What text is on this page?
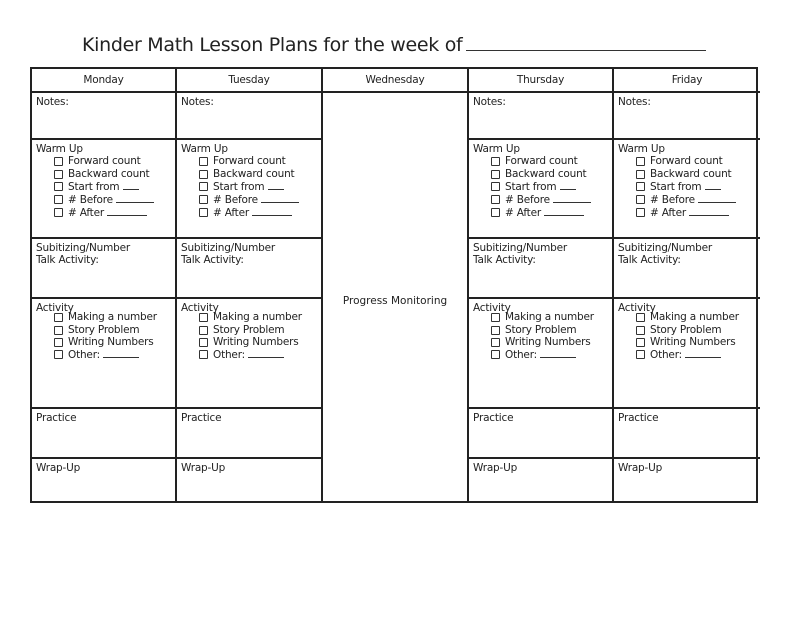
Kinder Math Lesson Plans for the week of
Monday
Notes:
Warm Up
Forward count
Backward count
Start from
# Before
# After
Subitizing/Number Talk Activity:
Activity
Making a number
Story Problem
Writing Numbers
Other:
Practice
Wrap-Up
Tuesday
Notes:
Warm Up
Forward count
Backward count
Start from
# Before
# After
Subitizing/Number Talk Activity:
Activity
Making a number
Story Problem
Writing Numbers
Other:
Practice
Wrap-Up
Wednesday
Progress Monitoring
Thursday
Notes:
Warm Up
Forward count
Backward count
Start from
# Before
# After
Subitizing/Number Talk Activity:
Activity
Making a number
Story Problem
Writing Numbers
Other:
Practice
Wrap-Up
Friday
Notes:
Warm Up
Forward count
Backward count
Start from
# Before
# After
Subitizing/Number Talk Activity:
Activity
Making a number
Story Problem
Writing Numbers
Other:
Practice
Wrap-Up
